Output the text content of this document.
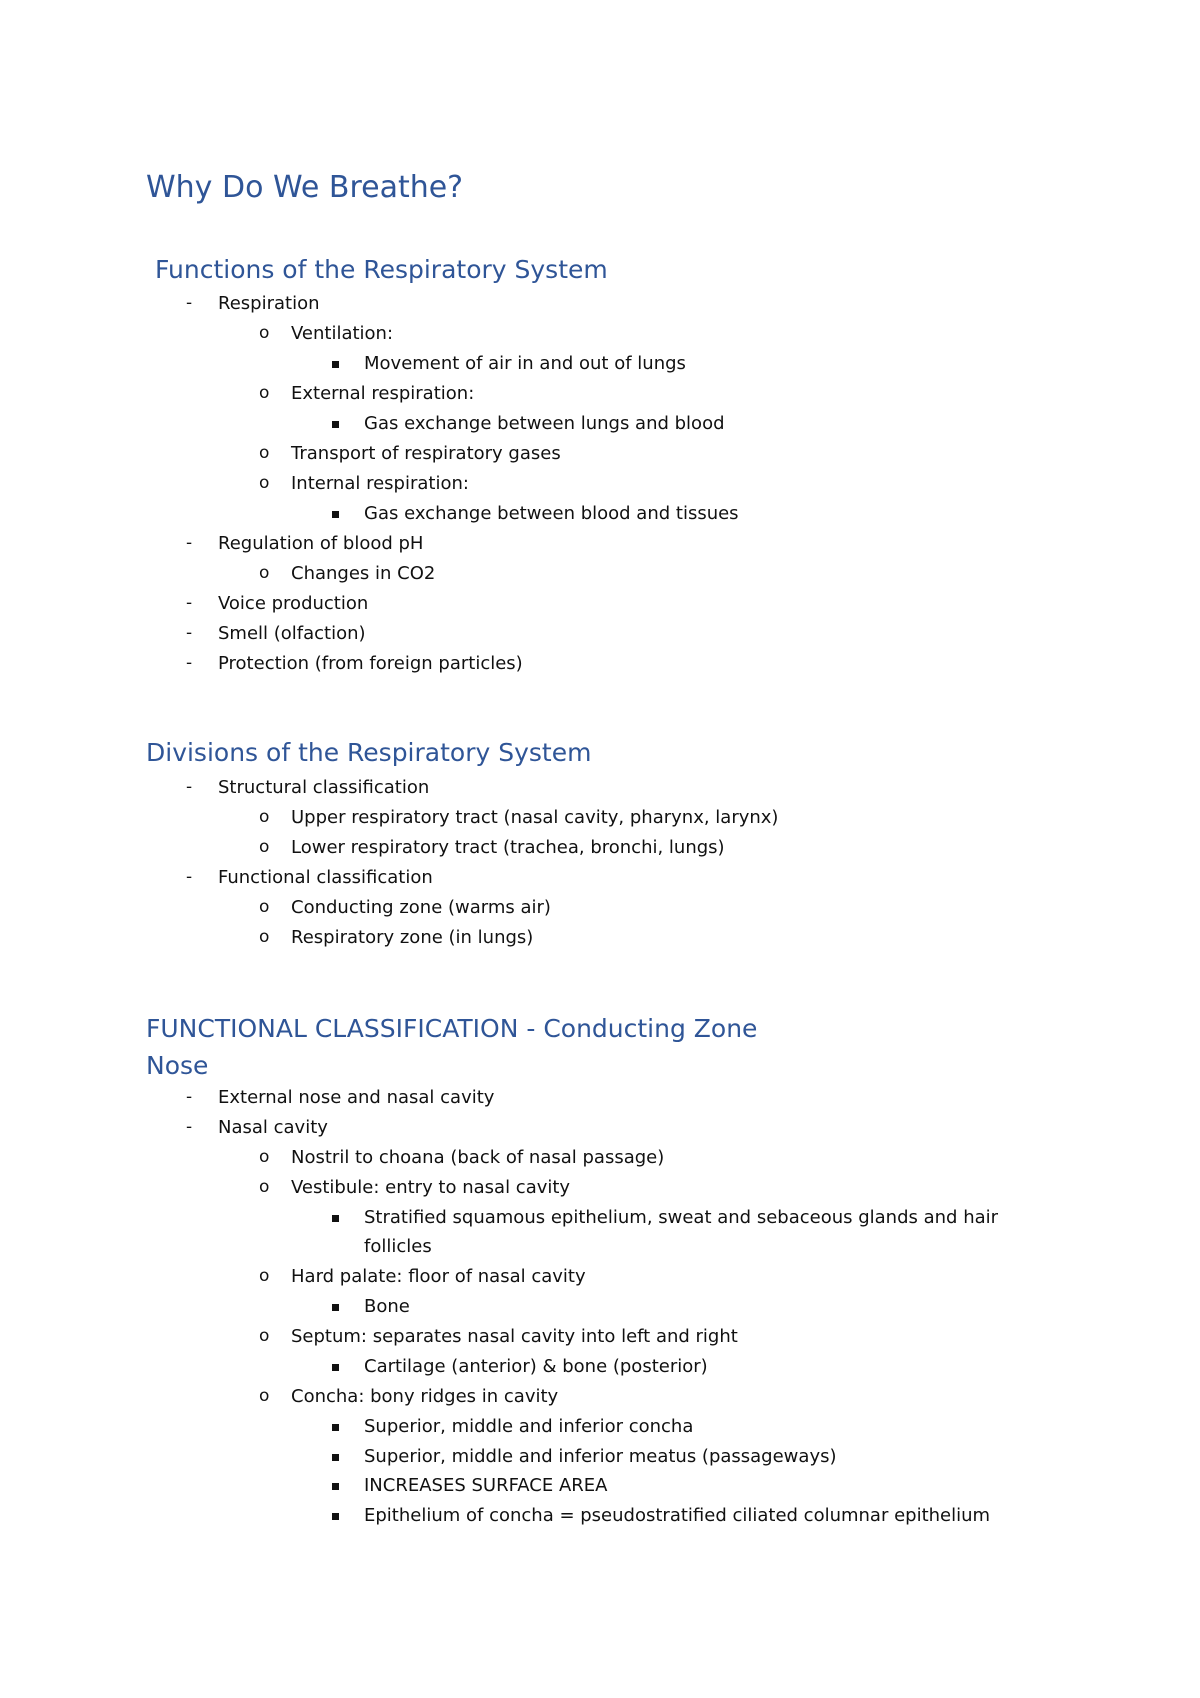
Why Do We Breathe?
Functions of the Respiratory System
- Respiration
o Ventilation:
Movement of air in and out of lungs
o External respiration:
Gas exchange between lungs and blood
o Transport of respiratory gases
o Internal respiration:
Gas exchange between blood and tissues
- Regulation of blood pH
o Changes in CO2
- Voice production
- Smell (olfaction)
- Protection (from foreign particles)
Divisions of the Respiratory System
- Structural classification
o Upper respiratory tract (nasal cavity, pharynx, larynx)
o Lower respiratory tract (trachea, bronchi, lungs)
- Functional classification
o Conducting zone (warms air)
o Respiratory zone (in lungs)
FUNCTIONAL CLASSIFICATION - Conducting Zone
Nose
- External nose and nasal cavity
- Nasal cavity
o Nostril to choana (back of nasal passage)
o Vestibule: entry to nasal cavity
Stratified squamous epithelium, sweat and sebaceous glands and hair
follicles
o Hard palate: floor of nasal cavity
Bone
o Septum: separates nasal cavity into left and right
Cartilage (anterior) & bone (posterior)
o Concha: bony ridges in cavity
Superior, middle and inferior concha
Superior, middle and inferior meatus (passageways)
INCREASES SURFACE AREA
Epithelium of concha = pseudostratified ciliated columnar epithelium
